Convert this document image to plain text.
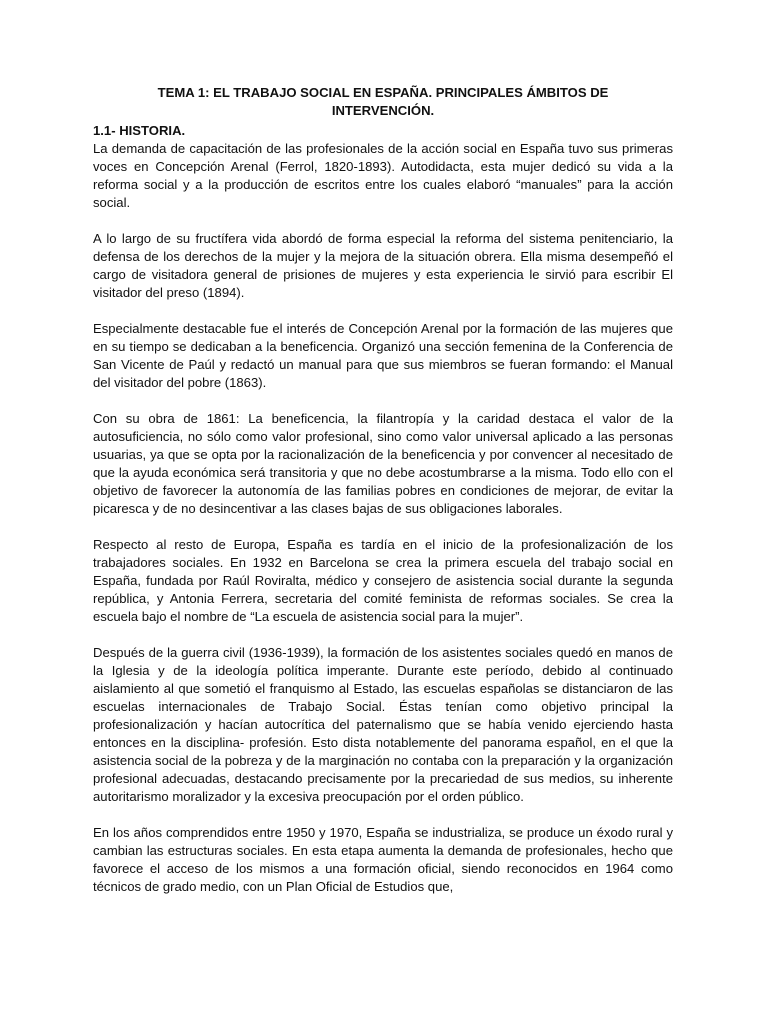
TEMA 1: EL TRABAJO SOCIAL EN ESPAÑA. PRINCIPALES ÁMBITOS DE INTERVENCIÓN.

1.1- HISTORIA.

La demanda de capacitación de las profesionales de la acción social en España tuvo sus primeras voces en Concepción Arenal (Ferrol, 1820-1893). Autodidacta, esta mujer dedicó su vida a la reforma social y a la producción de escritos entre los cuales elaboró “manuales” para la acción social.

A lo largo de su fructífera vida abordó de forma especial la reforma del sistema penitenciario, la defensa de los derechos de la mujer y la mejora de la situación obrera. Ella misma desempeñó el cargo de visitadora general de prisiones de mujeres y esta experiencia le sirvió para escribir El visitador del preso (1894).

Especialmente destacable fue el interés de Concepción Arenal por la formación de las mujeres que en su tiempo se dedicaban a la beneficencia. Organizó una sección femenina de la Conferencia de San Vicente de Paúl y redactó un manual para que sus miembros se fueran formando: el Manual del visitador del pobre (1863).

Con su obra de 1861: La beneficencia, la filantropía y la caridad destaca el valor de la autosuficiencia, no sólo como valor profesional, sino como valor universal aplicado a las personas usuarias, ya que se opta por la racionalización de la beneficencia y por convencer al necesitado de que la ayuda económica será transitoria y que no debe acostumbrarse a la misma. Todo ello con el objetivo de favorecer la autonomía de las familias pobres en condiciones de mejorar, de evitar la picaresca y de no desincentivar a las clases bajas de sus obligaciones laborales.

Respecto al resto de Europa, España es tardía en el inicio de la profesionalización de los trabajadores sociales. En 1932 en Barcelona se crea la primera escuela del trabajo social en España, fundada por Raúl Roviralta, médico y consejero de asistencia social durante la segunda república, y Antonia Ferrera, secretaria del comité feminista de reformas sociales. Se crea la escuela bajo el nombre de “La escuela de asistencia social para la mujer”.

Después de la guerra civil (1936-1939), la formación de los asistentes sociales quedó en manos de la Iglesia y de la ideología política imperante. Durante este período, debido al continuado aislamiento al que sometió el franquismo al Estado, las escuelas españolas se distanciaron de las escuelas internacionales de Trabajo Social. Éstas tenían como objetivo principal la profesionalización y hacían autocrítica del paternalismo que se había venido ejerciendo hasta entonces en la disciplina- profesión. Esto dista notablemente del panorama español, en el que la asistencia social de la pobreza y de la marginación no contaba con la preparación y la organización profesional adecuadas, destacando precisamente por la precariedad de sus medios, su inherente autoritarismo moralizador y la excesiva preocupación por el orden público.

En los años comprendidos entre 1950 y 1970, España se industrializa, se produce un éxodo rural y cambian las estructuras sociales. En esta etapa aumenta la demanda de profesionales, hecho que favorece el acceso de los mismos a una formación oficial, siendo reconocidos en 1964 como técnicos de grado medio, con un Plan Oficial de Estudios que,
